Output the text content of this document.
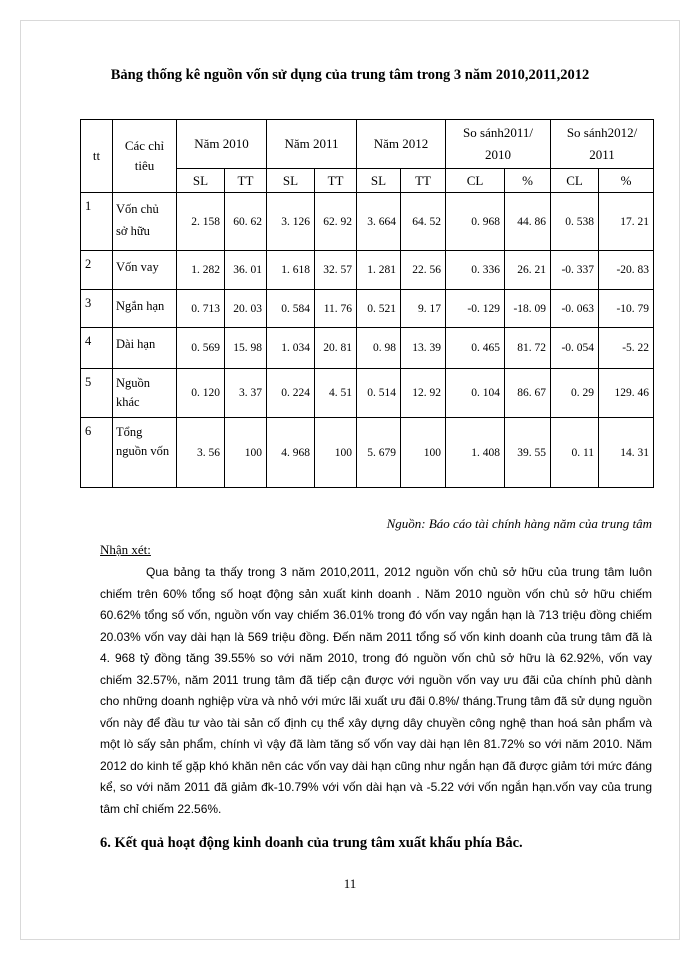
Bảng thống kê nguồn vốn sử dụng của trung tâm trong 3 năm 2010,2011,2012
tt	Các chỉ tiêu	Năm 2010		Năm 2011		Năm 2012		So sánh2011/ 2010		So sánh2012/ 2011	
		SL	TT	SL	TT	SL	TT	CL	%	CL	%
1	Vốn chủ sở hữu	2. 158	60. 62	3. 126	62. 92	3. 664	64. 52	0. 968	44. 86	0. 538	17. 21
2	Vốn vay	1. 282	36. 01	1. 618	32. 57	1. 281	22. 56	0. 336	26. 21	-0. 337	-20. 83
3	Ngắn hạn	0. 713	20. 03	0. 584	11. 76	0. 521	9. 17	-0. 129	-18. 09	-0. 063	-10. 79
4	Dài hạn	0. 569	15. 98	1. 034	20. 81	0. 98	13. 39	0. 465	81. 72	-0. 054	-5. 22
5	Nguồn khác	0. 120	3. 37	0. 224	4. 51	0. 514	12. 92	0. 104	86. 67	0. 29	129. 46
6	Tổng nguồn vốn	3. 56	100	4. 968	100	5. 679	100	1. 408	39. 55	0. 11	14. 31
Nguồn: Báo cáo tài chính hàng năm của trung tâm
Nhận xét:

Qua bảng ta thấy trong 3 năm 2010,2011, 2012 nguồn vốn chủ sở hữu của trung tâm luôn chiếm trên 60% tổng số hoạt động sản xuất kinh doanh . Năm 2010 nguồn vốn chủ sở hữu chiếm 60.62% tổng số vốn, nguồn vốn vay chiếm 36.01% trong đó vốn vay ngắn hạn là 713 triệu đồng chiếm 20.03% vốn vay dài hạn là 569 triệu đồng. Đến năm 2011 tổng số vốn kinh doanh của trung tâm đã là 4. 968 tỷ đồng tăng 39.55% so với năm 2010, trong đó nguồn vốn chủ sở hữu là 62.92%, vốn vay chiếm 32.57%, năm 2011 trung tâm đã tiếp cận được với nguồn vốn vay ưu đãi của chính phủ dành cho những doanh nghiệp vừa và nhỏ với mức lãi xuất ưu đãi 0.8%/ tháng.Trung tâm đã sử dụng nguồn vốn này để đầu tư vào tài sản cố định cụ thể xây dựng dây chuyền công nghệ than hoá sản phẩm và một lò sấy sản phẩm, chính vì vậy đã làm tăng số vốn vay dài hạn lên 81.72% so với năm 2010. Năm 2012 do kinh tế gặp khó khăn nên các vốn vay dài hạn cũng như ngắn hạn đã được giảm tới mức đáng kể, so với năm 2011 đã giảm đk-10.79% với vốn dài hạn và -5.22 với vốn ngắn hạn.vốn vay của trung tâm chỉ chiếm 22.56%.

6. Kết quả hoạt động kinh doanh của trung tâm xuất khẩu phía Bắc.
11
